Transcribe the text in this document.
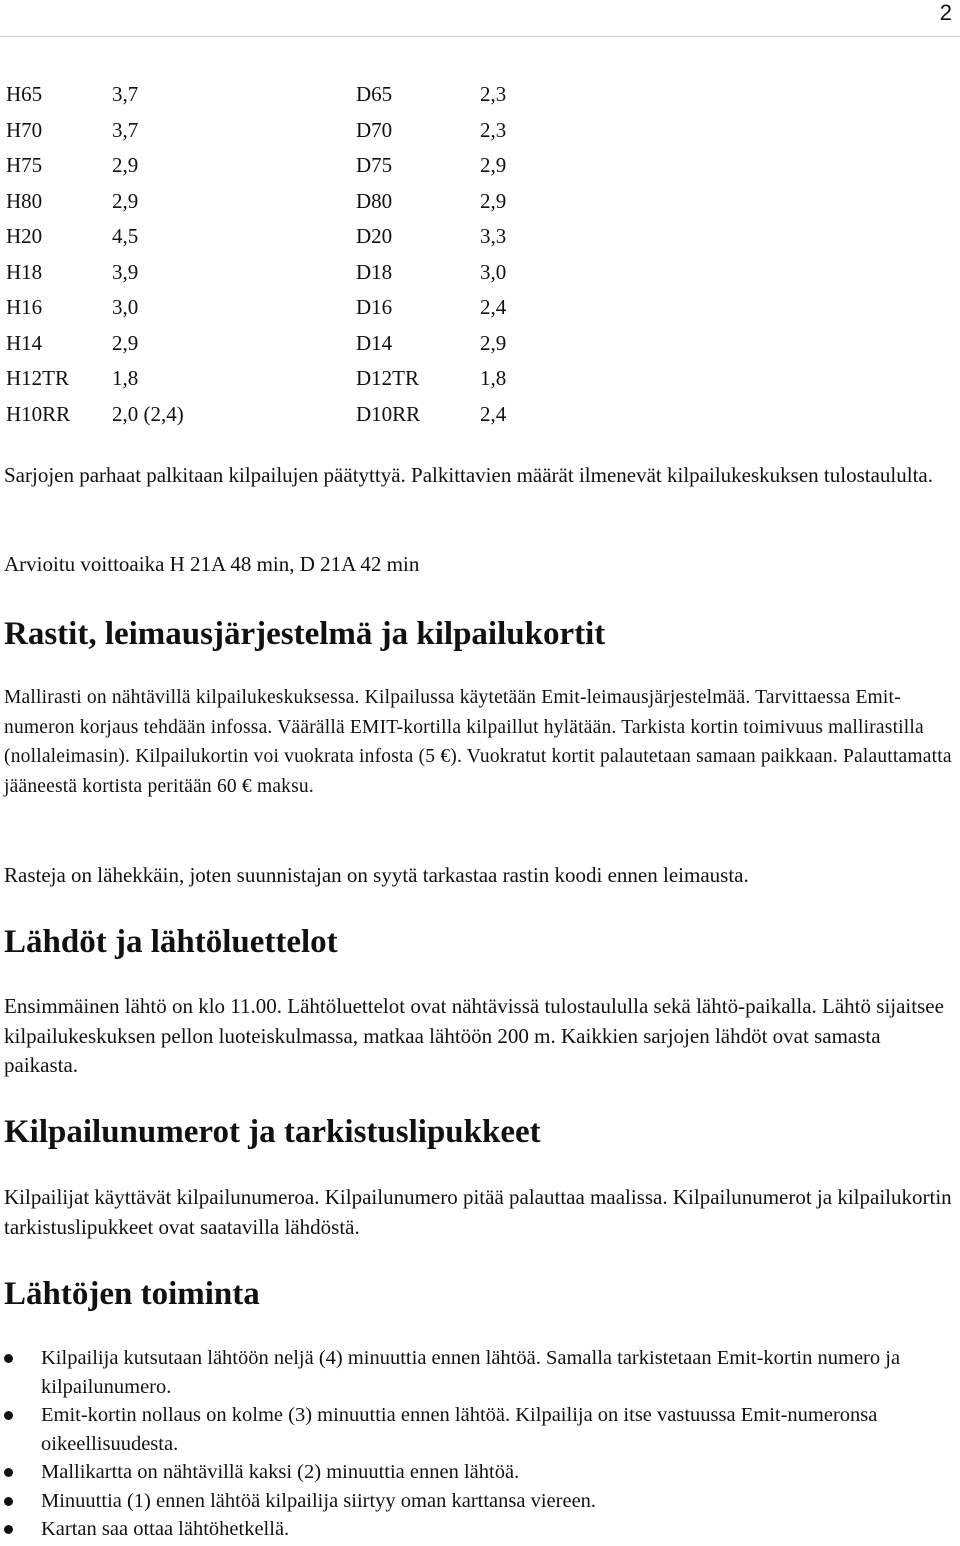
2
H65	3,7	D65	2,3
H70	3,7	D70	2,3
H75	2,9	D75	2,9
H80	2,9	D80	2,9
H20	4,5	D20	3,3
H18	3,9	D18	3,0
H16	3,0	D16	2,4
H14	2,9	D14	2,9
H12TR 1,8	D12TR	1,8
H10RR 2,0 (2,4)	D10RR	2,4

Sarjojen parhaat palkitaan kilpailujen päätyttyä. Palkittavien määrät ilmenevät kilpailukeskuksen tulostaululta.

Arvioitu voittoaika H 21A 48 min, D 21A 42 min

Rastit, leimausjärjestelmä ja kilpailukortit

Mallirasti on nähtävillä kilpailukeskuksessa. Kilpailussa käytetään Emit-leimausjärjestelmää. Tarvittaessa Emit-numeron korjaus tehdään infossa. Väärällä EMIT-kortilla kilpaillut hylätään. Tarkista kortin toimivuus mallirastilla (nollaleimasin). Kilpailukortin voi vuokrata infosta (5 €). Vuokratut kortit palautetaan samaan paikkaan. Palauttamatta jääneestä kortista peritään 60 € maksu.

Rasteja on lähekkäin, joten suunnistajan on syytä tarkastaa rastin koodi ennen leimausta.

Lähdöt ja lähtöluettelot

Ensimmäinen lähtö on klo 11.00. Lähtöluettelot ovat nähtävissä tulostaululla sekä lähtö-paikalla. Lähtö sijaitsee kilpailukeskuksen pellon luoteiskulmassa, matkaa lähtöön 200 m. Kaikkien sarjojen lähdöt ovat samasta paikasta.

Kilpailunumerot ja tarkistuslipukkeet

Kilpailijat käyttävät kilpailunumeroa. Kilpailunumero pitää palauttaa maalissa. Kilpailunumerot ja kilpailukortin tarkistuslipukkeet ovat saatavilla lähdöstä.

Lähtöjen toiminta
Kilpailija kutsutaan lähtöön neljä (4) minuuttia ennen lähtöä. Samalla tarkistetaan Emit-kortin numero ja kilpailunumero.
Emit-kortin nollaus on kolme (3) minuuttia ennen lähtöä. Kilpailija on itse vastuussa Emit-numeronsa oikeellisuudesta.
Mallikartta on nähtävillä kaksi (2) minuuttia ennen lähtöä.
Minuuttia (1) ennen lähtöä kilpailija siirtyy oman karttansa viereen.
Kartan saa ottaa lähtöhetkellä.
